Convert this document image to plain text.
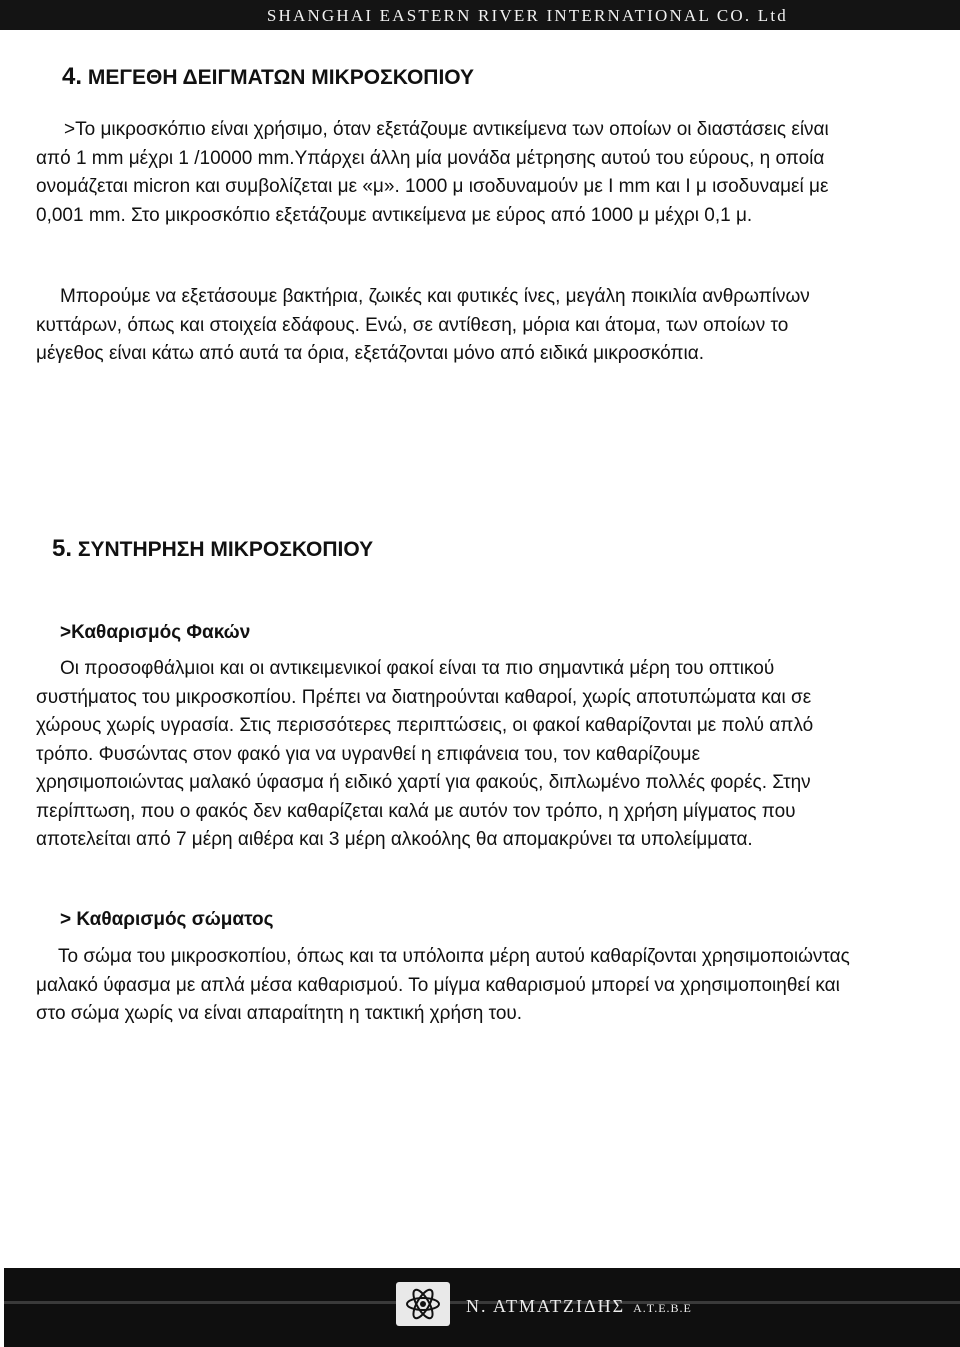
SHANGHAI EASTERN RIVER INTERNATIONAL CO. Ltd
4. ΜΕΓΕΘΗ ΔΕΙΓΜΑΤΩΝ ΜΙΚΡΟΣΚΟΠΙΟΥ

>Το μικροσκόπιο είναι χρήσιμο, όταν εξετάζουμε αντικείμενα των οποίων οι διαστάσεις είναι από 1 mm μέχρι 1 /10000 mm.Υπάρχει άλλη μία μονάδα μέτρησης αυτού του εύρους, η οποία ονομάζεται micron και συμβολίζεται με «μ». 1000 μ ισοδυναμούν με I mm και I μ ισοδυναμεί με 0,001 mm. Στο μικροσκόπιο εξετάζουμε αντικείμενα με εύρος από 1000 μ μέχρι 0,1 μ.

Μπορούμε να εξετάσουμε βακτήρια, ζωικές και φυτικές ίνες, μεγάλη ποικιλία ανθρωπίνων κυττάρων, όπως και στοιχεία εδάφους. Ενώ, σε αντίθεση, μόρια και άτομα, των οποίων το μέγεθος είναι κάτω από αυτά τα όρια, εξετάζονται μόνο από ειδικά μικροσκόπια.

5. ΣΥΝΤΗΡΗΣΗ ΜΙΚΡΟΣΚΟΠΙΟΥ
>Καθαρισμός Φακών

Οι προσοφθάλμιοι και οι αντικειμενικοί φακοί είναι τα πιο σημαντικά μέρη του οπτικού συστήματος του μικροσκοπίου. Πρέπει να διατηρούνται καθαροί, χωρίς αποτυπώματα και σε χώρους χωρίς υγρασία. Στις περισσότερες περιπτώσεις, οι φακοί καθαρίζονται με πολύ απλό τρόπο. Φυσώντας στον φακό για να υγρανθεί η επιφάνεια του, τον καθαρίζουμε χρησιμοποιώντας μαλακό ύφασμα ή ειδικό χαρτί για φακούς, διπλωμένο πολλές φορές. Στην περίπτωση, που ο φακός δεν καθαρίζεται καλά με αυτόν τον τρόπο, η χρήση μίγματος που αποτελείται από 7 μέρη αιθέρα και 3 μέρη αλκοόλης θα απομακρύνει τα υπολείμματα.

> Καθαρισμός σώματος

Το σώμα του μικροσκοπίου, όπως και τα υπόλοιπα μέρη αυτού καθαρίζονται χρησιμοποιώντας μαλακό ύφασμα με απλά μέσα καθαρισμού. Το μίγμα καθαρισμού μπορεί να χρησιμοποιηθεί και στο σώμα χωρίς να είναι απαραίτητη η τακτική χρήση του.

Ν. ΑΤΜΑΤΖΙΔΗΣ Α.Τ.Ε.Β.Ε
